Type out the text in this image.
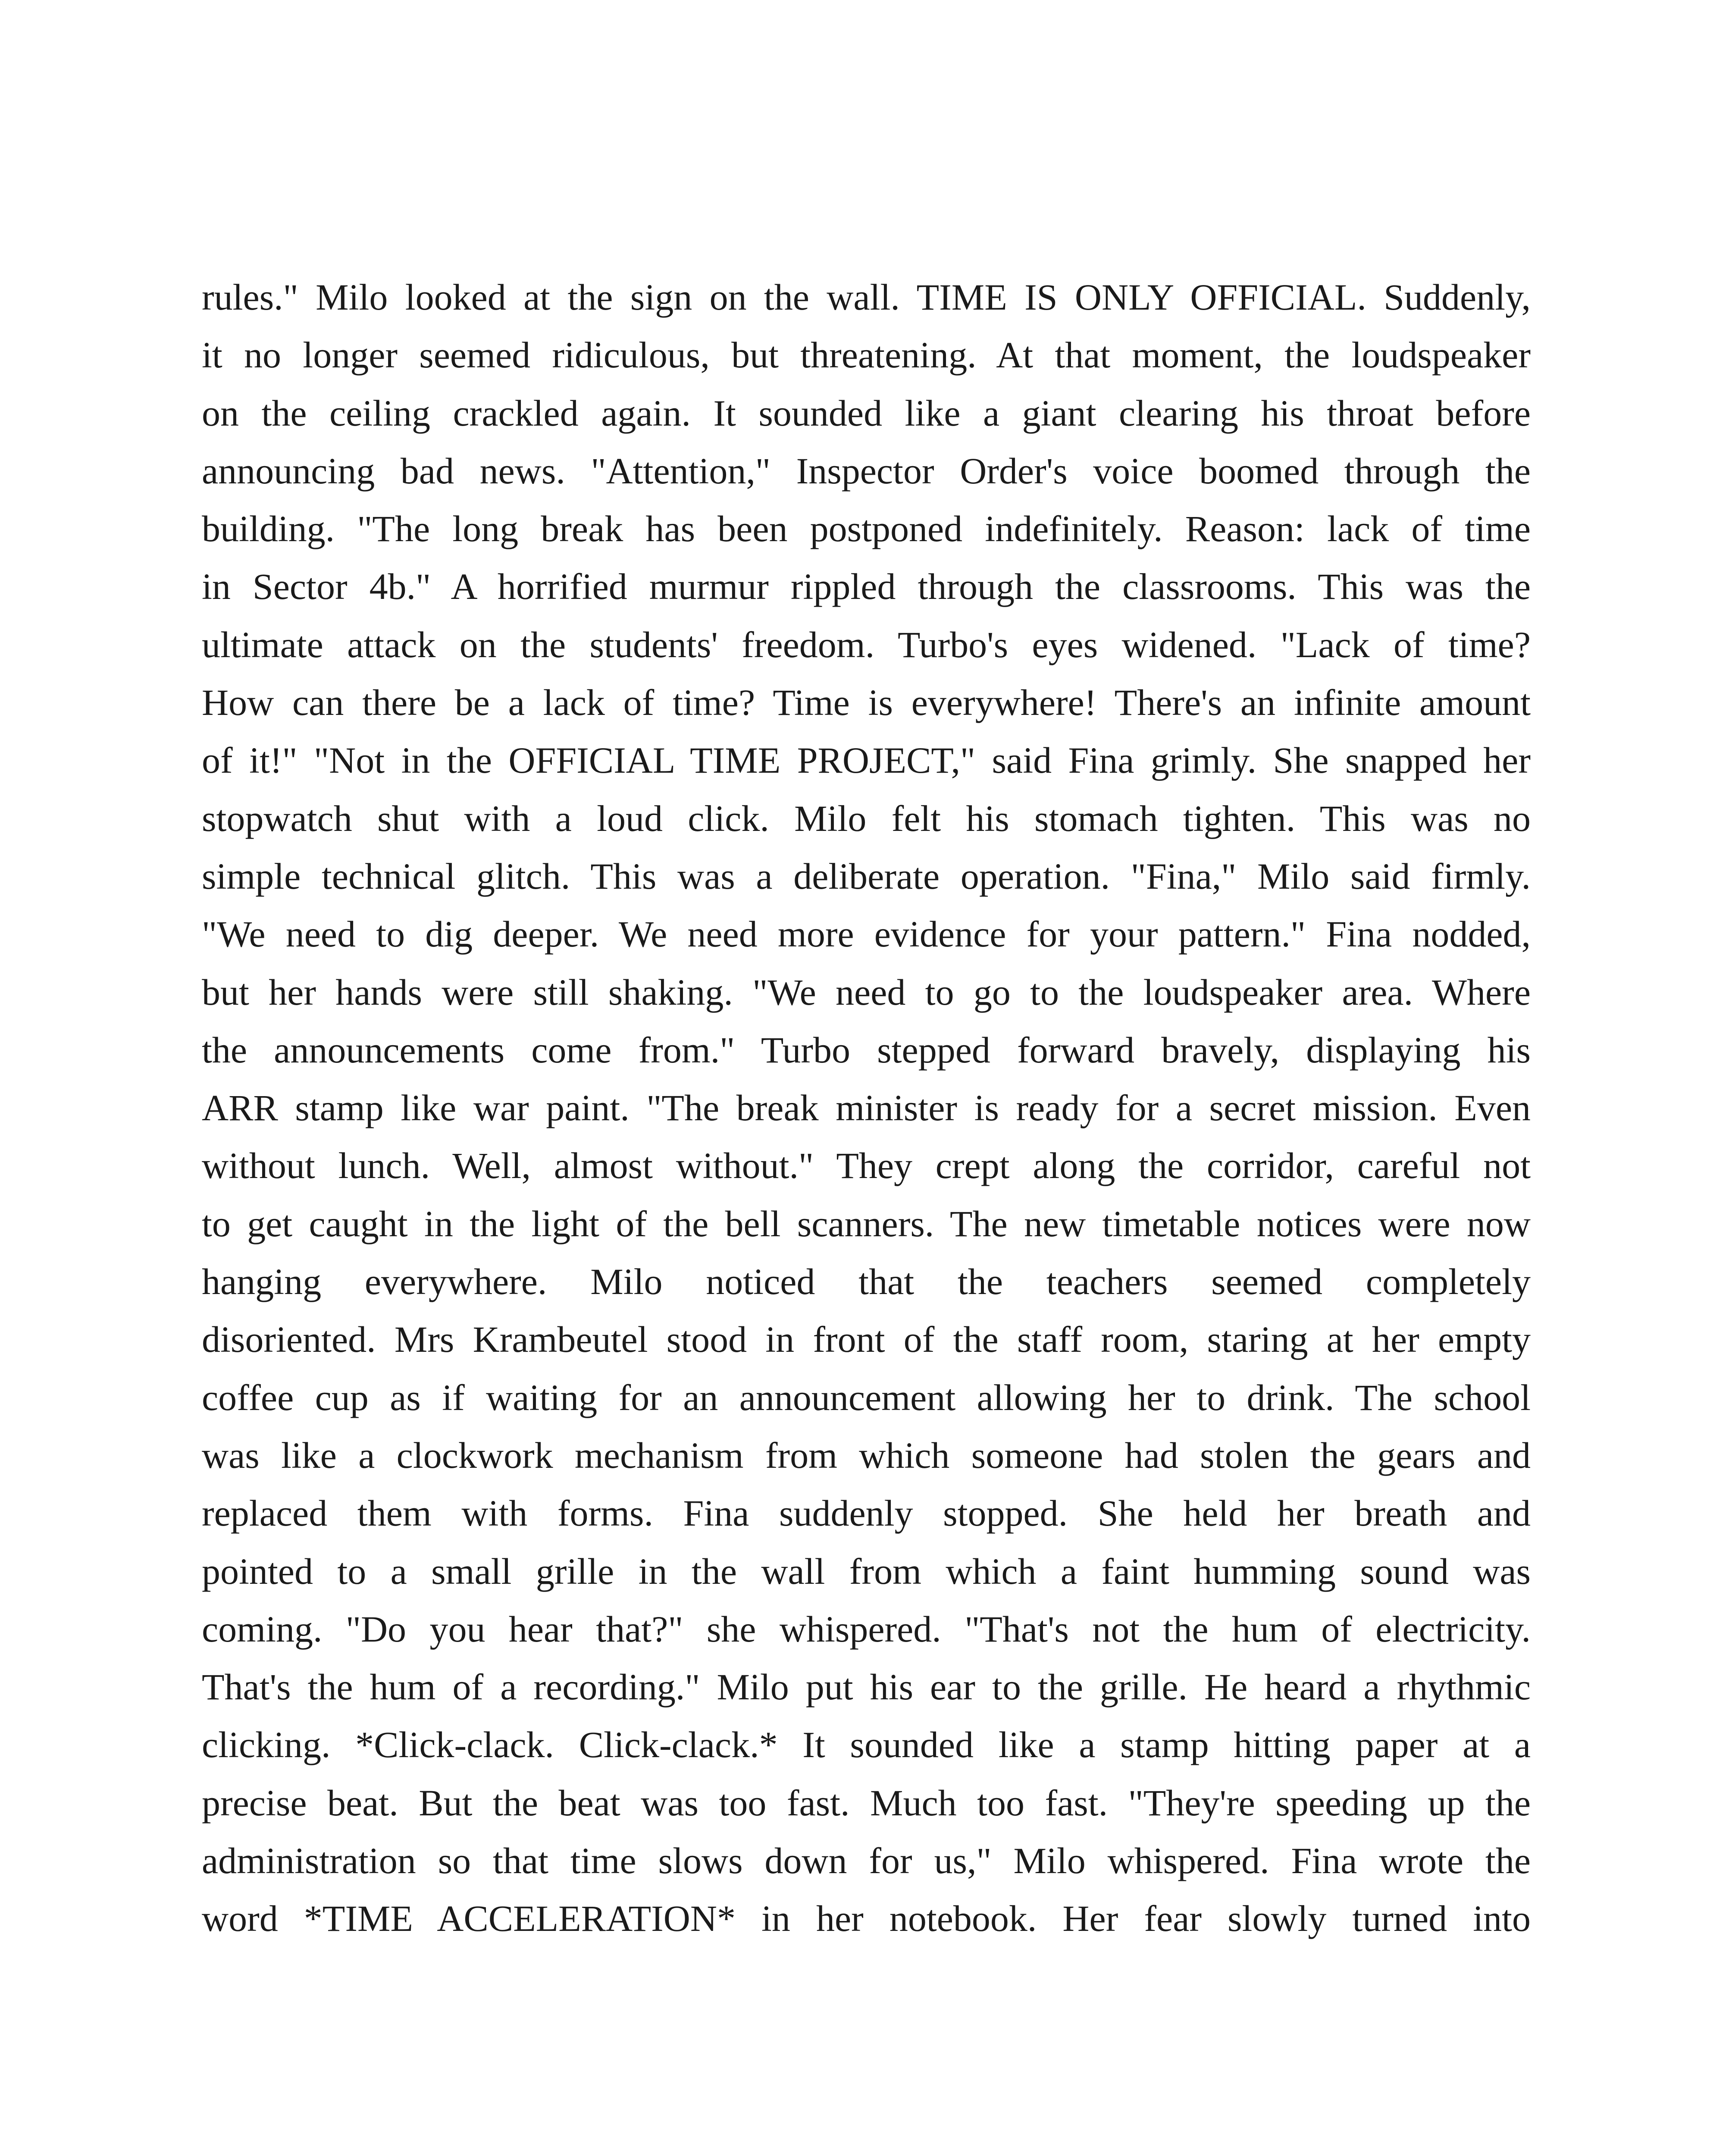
rules." Milo looked at the sign on the wall. TIME IS ONLY OFFICIAL. Suddenly,
it no longer seemed ridiculous, but threatening. At that moment, the loudspeaker
on the ceiling crackled again. It sounded like a giant clearing his throat before
announcing bad news. "Attention," Inspector Order's voice boomed through the
building. "The long break has been postponed indefinitely. Reason: lack of time
in Sector 4b." A horrified murmur rippled through the classrooms. This was the
ultimate attack on the students' freedom. Turbo's eyes widened. "Lack of time?
How can there be a lack of time? Time is everywhere! There's an infinite amount
of it!" "Not in the OFFICIAL TIME PROJECT," said Fina grimly. She snapped her
stopwatch shut with a loud click. Milo felt his stomach tighten. This was no
simple technical glitch. This was a deliberate operation. "Fina," Milo said firmly.
"We need to dig deeper. We need more evidence for your pattern." Fina nodded,
but her hands were still shaking. "We need to go to the loudspeaker area. Where
the announcements come from." Turbo stepped forward bravely, displaying his
ARR stamp like war paint. "The break minister is ready for a secret mission. Even
without lunch. Well, almost without." They crept along the corridor, careful not
to get caught in the light of the bell scanners. The new timetable notices were now
hanging everywhere. Milo noticed that the teachers seemed completely
disoriented. Mrs Krambeutel stood in front of the staff room, staring at her empty
coffee cup as if waiting for an announcement allowing her to drink. The school
was like a clockwork mechanism from which someone had stolen the gears and
replaced them with forms. Fina suddenly stopped. She held her breath and
pointed to a small grille in the wall from which a faint humming sound was
coming. "Do you hear that?" she whispered. "That's not the hum of electricity.
That's the hum of a recording." Milo put his ear to the grille. He heard a rhythmic
clicking. *Click-clack. Click-clack.* It sounded like a stamp hitting paper at a
precise beat. But the beat was too fast. Much too fast. "They're speeding up the
administration so that time slows down for us," Milo whispered. Fina wrote the
word *TIME ACCELERATION* in her notebook. Her fear slowly turned into
